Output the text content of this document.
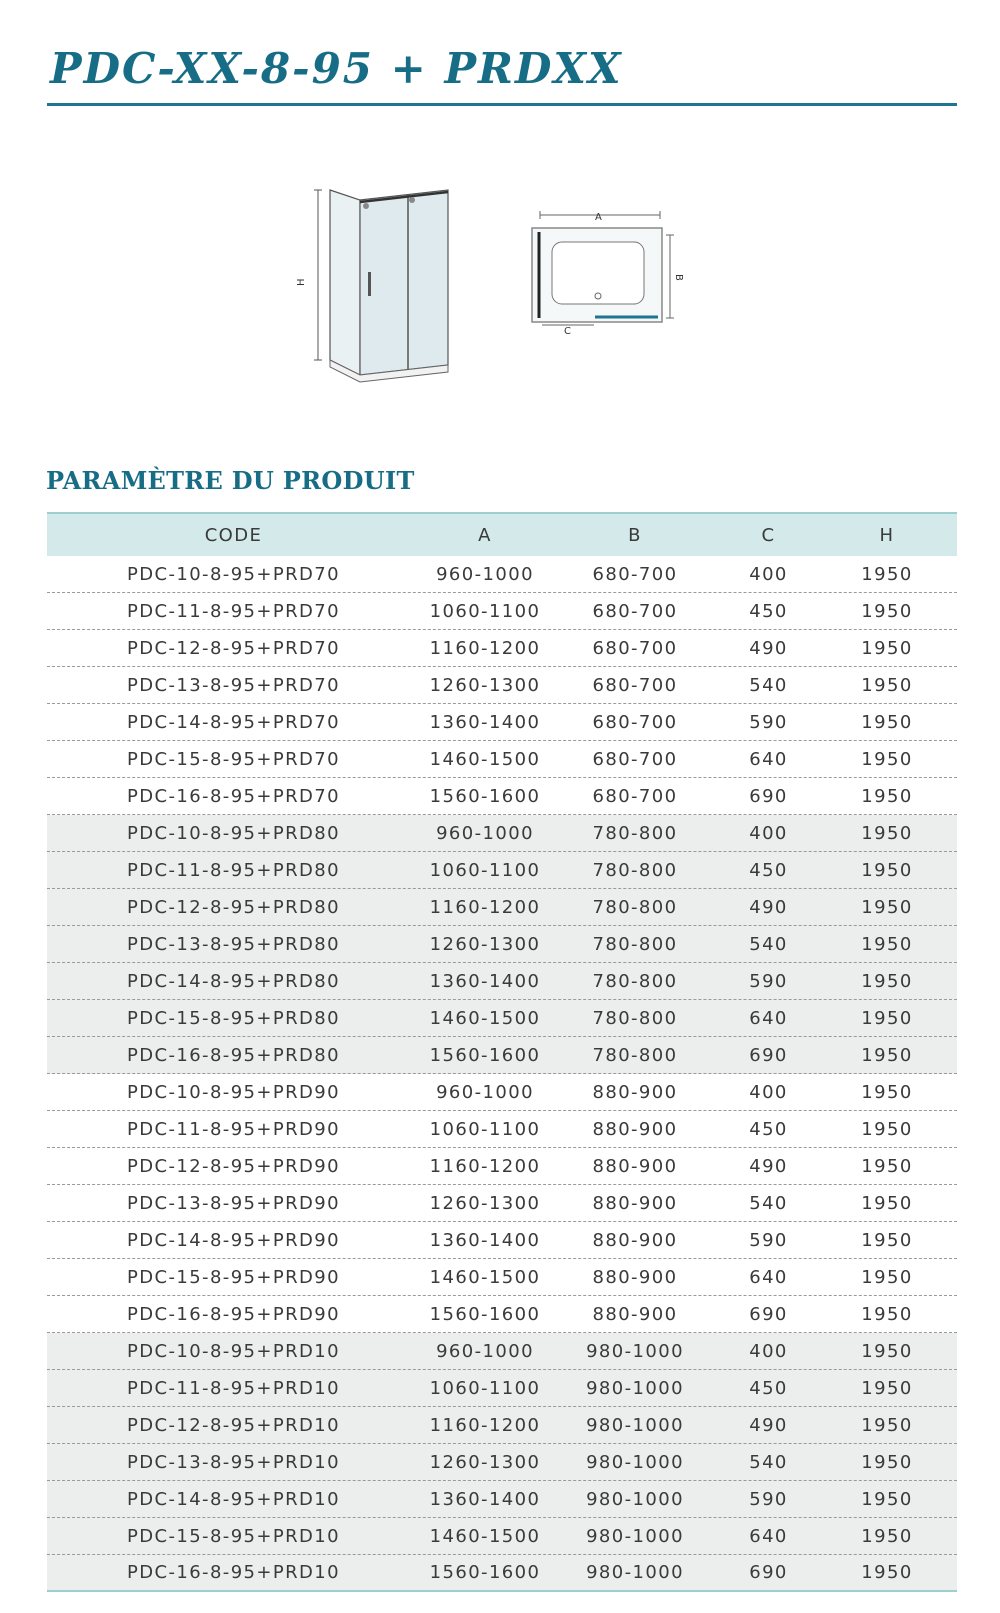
PDC-XX-8-95 + PRDXX
H
A
B
C
PARAMÈTRE DU PRODUIT
CODE	A	B	C	H
PDC-10-8-95+PRD70	960-1000	680-700	400	1950
PDC-11-8-95+PRD70	1060-1100	680-700	450	1950
PDC-12-8-95+PRD70	1160-1200	680-700	490	1950
PDC-13-8-95+PRD70	1260-1300	680-700	540	1950
PDC-14-8-95+PRD70	1360-1400	680-700	590	1950
PDC-15-8-95+PRD70	1460-1500	680-700	640	1950
PDC-16-8-95+PRD70	1560-1600	680-700	690	1950
PDC-10-8-95+PRD80	960-1000	780-800	400	1950
PDC-11-8-95+PRD80	1060-1100	780-800	450	1950
PDC-12-8-95+PRD80	1160-1200	780-800	490	1950
PDC-13-8-95+PRD80	1260-1300	780-800	540	1950
PDC-14-8-95+PRD80	1360-1400	780-800	590	1950
PDC-15-8-95+PRD80	1460-1500	780-800	640	1950
PDC-16-8-95+PRD80	1560-1600	780-800	690	1950
PDC-10-8-95+PRD90	960-1000	880-900	400	1950
PDC-11-8-95+PRD90	1060-1100	880-900	450	1950
PDC-12-8-95+PRD90	1160-1200	880-900	490	1950
PDC-13-8-95+PRD90	1260-1300	880-900	540	1950
PDC-14-8-95+PRD90	1360-1400	880-900	590	1950
PDC-15-8-95+PRD90	1460-1500	880-900	640	1950
PDC-16-8-95+PRD90	1560-1600	880-900	690	1950
PDC-10-8-95+PRD10	960-1000	980-1000	400	1950
PDC-11-8-95+PRD10	1060-1100	980-1000	450	1950
PDC-12-8-95+PRD10	1160-1200	980-1000	490	1950
PDC-13-8-95+PRD10	1260-1300	980-1000	540	1950
PDC-14-8-95+PRD10	1360-1400	980-1000	590	1950
PDC-15-8-95+PRD10	1460-1500	980-1000	640	1950
PDC-16-8-95+PRD10	1560-1600	980-1000	690	1950
